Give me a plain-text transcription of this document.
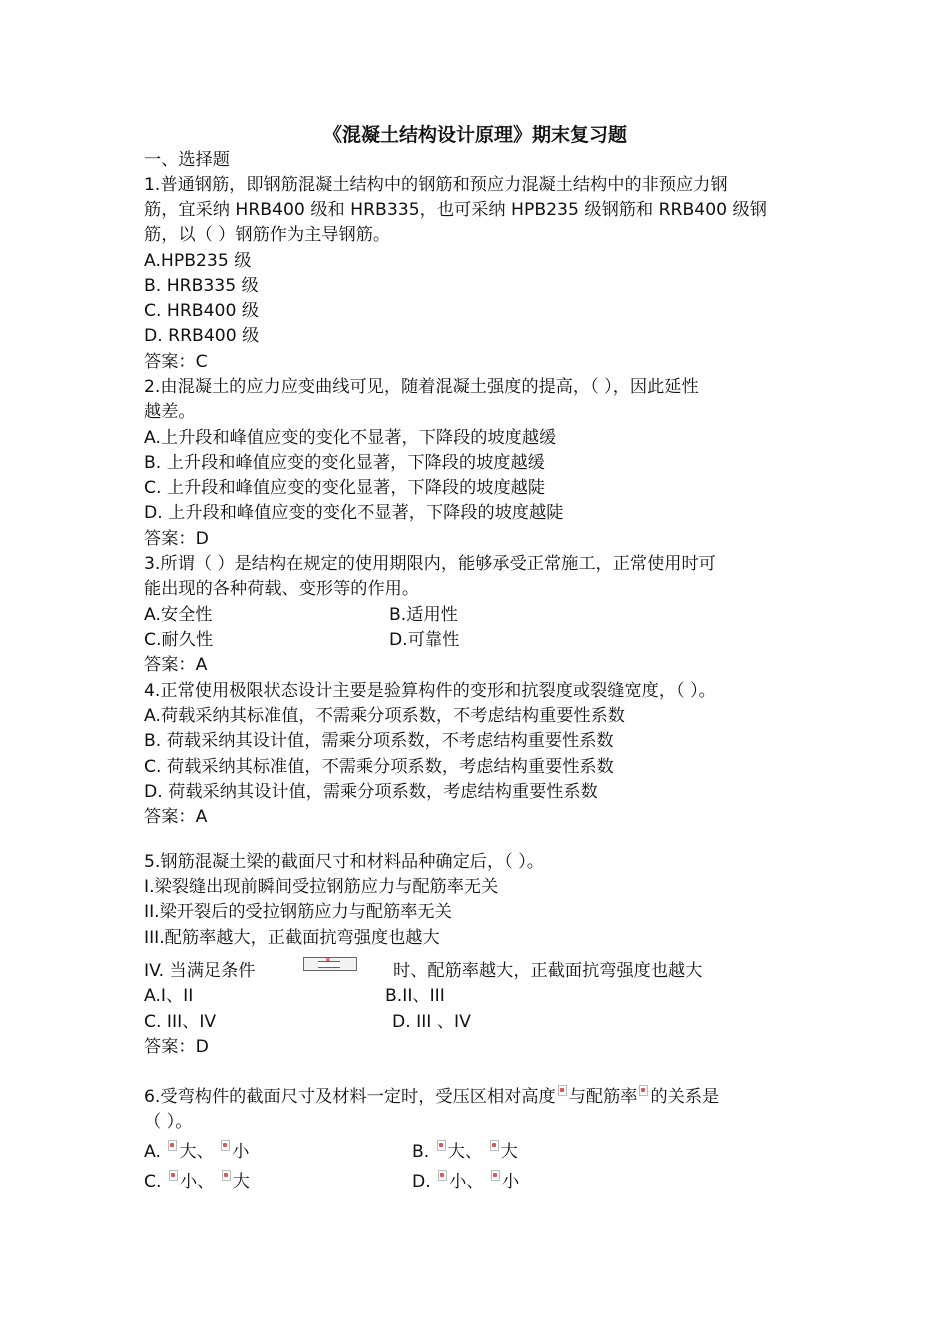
《混凝土结构设计原理》期末复习题
一、选择题
1.普通钢筋，即钢筋混凝土结构中的钢筋和预应力混凝土结构中的非预应力钢
筋，宜采纳 HRB400 级和 HRB335，也可采纳 HPB235 级钢筋和 RRB400 级钢
筋，以（ ）钢筋作为主导钢筋。
A.HPB235 级
B. HRB335 级
C. HRB400 级
D. RRB400 级
答案：C
2.由混凝土的应力应变曲线可见，随着混凝土强度的提高，（ ），因此延性
越差。
A.上升段和峰值应变的变化不显著，下降段的坡度越缓
B. 上升段和峰值应变的变化显著，下降段的坡度越缓
C. 上升段和峰值应变的变化显著，下降段的坡度越陡
D. 上升段和峰值应变的变化不显著，下降段的坡度越陡
答案：D
3.所谓（ ）是结构在规定的使用期限内，能够承受正常施工，正常使用时可
能出现的各种荷载、变形等的作用。
A.安全性	B.适用性
C.耐久性	D.可靠性
答案：A
4.正常使用极限状态设计主要是验算构件的变形和抗裂度或裂缝宽度，（ ）。
A.荷载采纳其标准值，不需乘分项系数，不考虑结构重要性系数
B. 荷载采纳其设计值，需乘分项系数，不考虑结构重要性系数
C. 荷载采纳其标准值，不需乘分项系数，考虑结构重要性系数
D. 荷载采纳其设计值，需乘分项系数，考虑结构重要性系数
答案：A
5.钢筋混凝土梁的截面尺寸和材料品种确定后，（ ）。
I.梁裂缝出现前瞬间受拉钢筋应力与配筋率无关
II.梁开裂后的受拉钢筋应力与配筋率无关
III.配筋率越大，正截面抗弯强度也越大
IV. 当满足条件
✕	时、配筋率越大，正截面抗弯强度也越大
A.I、II	B.II、III
C. III、IV	D. III 、IV
答案：D
6.受弯构件的截面尺寸及材料一定时，受压区相对高度 与配筋率 的关系是
（ ）。
A. 大、 小	B. 大、 大
C. 小、 大	D. 小、 小
